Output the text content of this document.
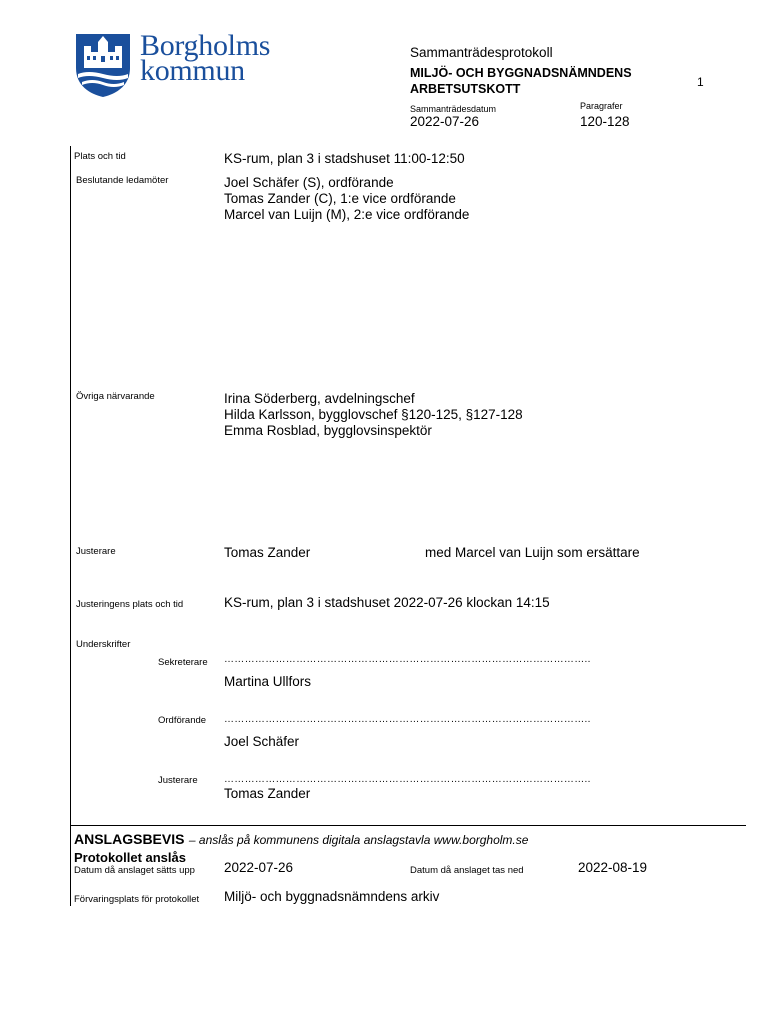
Borgholms
kommun
Sammanträdesprotokoll
MILJÖ- OCH BYGGNADSNÄMNDENS
ARBETSUTSKOTT	1
Sammanträdesdatum
2022-07-26
Paragrafer
120-128
Plats och tid	KS-rum, plan 3 i stadshuset 11:00-12:50
Beslutande ledamöter	Joel Schäfer (S), ordförande
Tomas Zander (C), 1:e vice ordförande
Marcel van Luijn (M), 2:e vice ordförande
Övriga närvarande	Irina Söderberg, avdelningschef
Hilda Karlsson, bygglovschef §120-125, §127-128
Emma Rosblad, bygglovsinspektör
Justerare	Tomas Zander	med Marcel van Luijn som ersättare
Justeringens plats och tid	KS-rum, plan 3 i stadshuset 2022-07-26 klockan 14:15
Underskrifter
Sekreterare ……………………………………………………………………………………………..
Martina Ullfors
Ordförande ……………………………………………………………………………………………..
Joel Schäfer
Justerare	……………………………………………………………………………………………..
Tomas Zander
ANSLAGSBEVIS – anslås på kommunens digitala anslagstavla www.borgholm.se
Protokollet anslås
Datum då anslaget sätts upp 2022-07-26	Datum då anslaget tas ned	2022-08-19
Förvaringsplats för protokollet Miljö- och byggnadsnämndens arkiv
